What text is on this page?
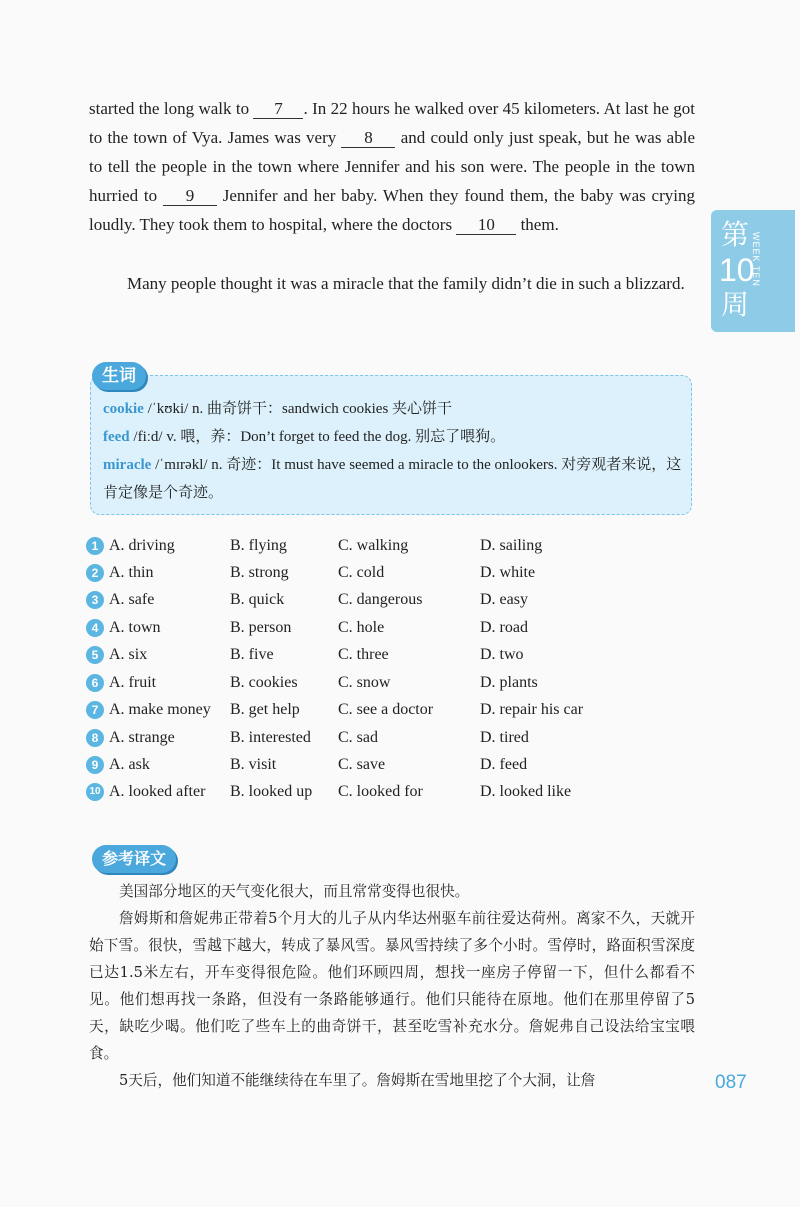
started the long walk to 7 . In 22 hours he walked over 45 kilometers. At last he got to the town of Vya. James was very 8 and could only just speak, but he was able to tell the people in the town where Jennifer and his son were. The people in the town hurried to 9 Jennifer and her baby. When they found them, the baby was crying loudly. They took them to hospital, where the doctors 10 them.

Many people thought it was a miracle that the family didn’t die in such a blizzard.

第
10
周
WEEK TEN
生词

cookie /ˈkʊki/ n. 曲奇饼干：sandwich cookies 夹心饼干

feed /fiːd/ v. 喂，养：Don’t forget to feed the dog. 别忘了喂狗。

miracle /ˈmɪrəkl/ n. 奇迹：It must have seemed a miracle to the onlookers. 对旁观者来说，这肯定像是个奇迹。

1 A. driving	B. flying	C. walking	D. sailing
2 A. thin	B. strong	C. cold	D. white
3 A. safe	B. quick	C. dangerous	D. easy
4 A. town	B. person	C. hole	D. road
5 A. six	B. five	C. three	D. two
6 A. fruit	B. cookies	C. snow	D. plants
7 A. make money B. get help C. see a doctor	D. repair his car
8 A. strange	B. interested C. sad	D. tired
9 A. ask	B. visit	C. save	D. feed
10 A. looked after B. looked up C. looked for	D. looked like
参考译文

美国部分地区的天气变化很大，而且常常变得也很快。

詹姆斯和詹妮弗正带着5个月大的儿子从内华达州驱车前往爱达荷州。离家不久，天就开始下雪。很快，雪越下越大，转成了暴风雪。暴风雪持续了多个小时。雪停时，路面积雪深度已达1.5米左右，开车变得很危险。他们环顾四周，想找一座房子停留一下，但什么都看不见。他们想再找一条路，但没有一条路能够通行。他们只能待在原地。他们在那里停留了5天，缺吃少喝。他们吃了些车上的曲奇饼干，甚至吃雪补充水分。詹妮弗自己设法给宝宝喂食。

5天后，他们知道不能继续待在车里了。詹姆斯在雪地里挖了个大洞，让詹	087
